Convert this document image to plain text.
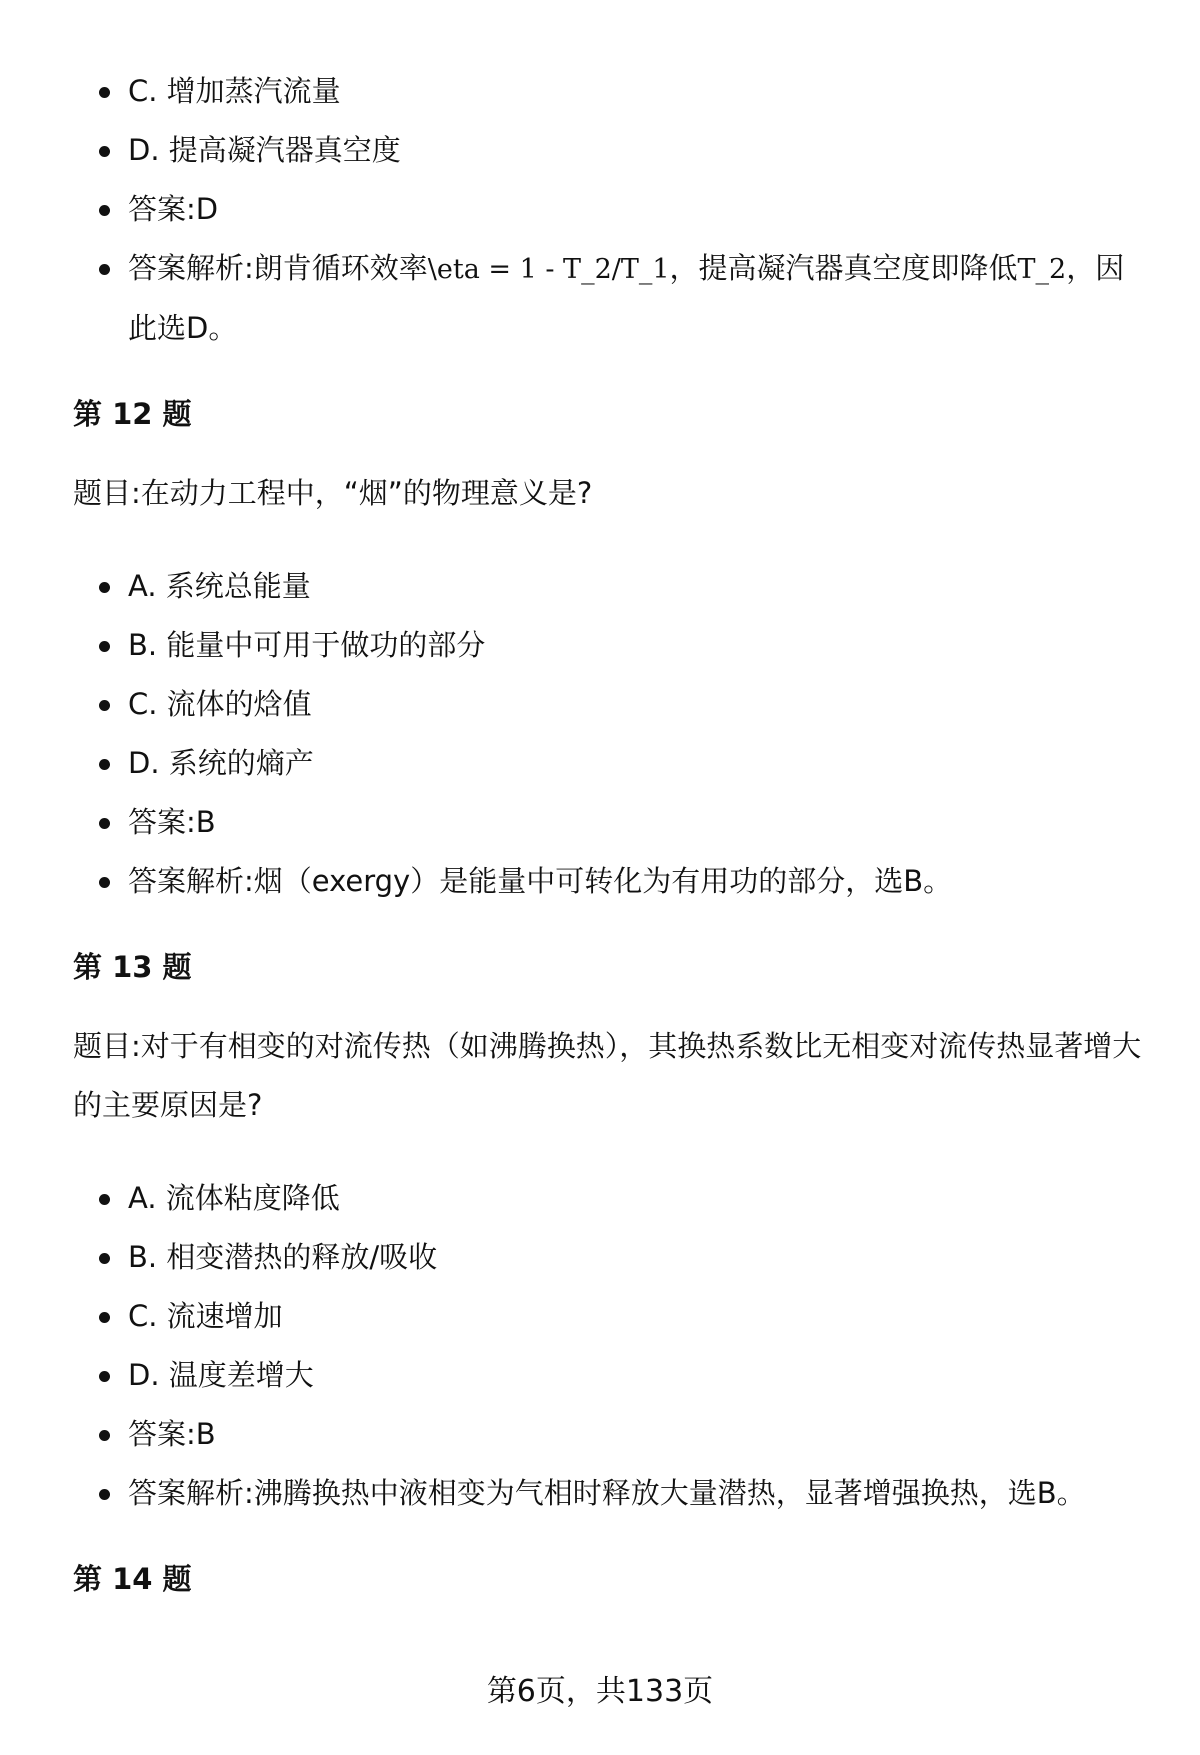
C. 增加蒸汽流量
D. 提高凝汽器真空度
答案:D
答案解析:朗肯循环效率\eta = 1 - T_2/T_1，提高凝汽器真空度即降低T_2，因此选D。
第 12 题

题目:在动力工程中，“烟”的物理意义是?

A. 系统总能量
B. 能量中可用于做功的部分
C. 流体的焓值
D. 系统的熵产
答案:B
答案解析:烟（exergy）是能量中可转化为有用功的部分，选B。
第 13 题

题目:对于有相变的对流传热（如沸腾换热），其换热系数比无相变对流传热显著增大的主要原因是?

A. 流体粘度降低
B. 相变潜热的释放/吸收
C. 流速增加
D. 温度差增大
答案:B
答案解析:沸腾换热中液相变为气相时释放大量潜热，显著增强换热，选B。
第 14 题
第6页，共133页
